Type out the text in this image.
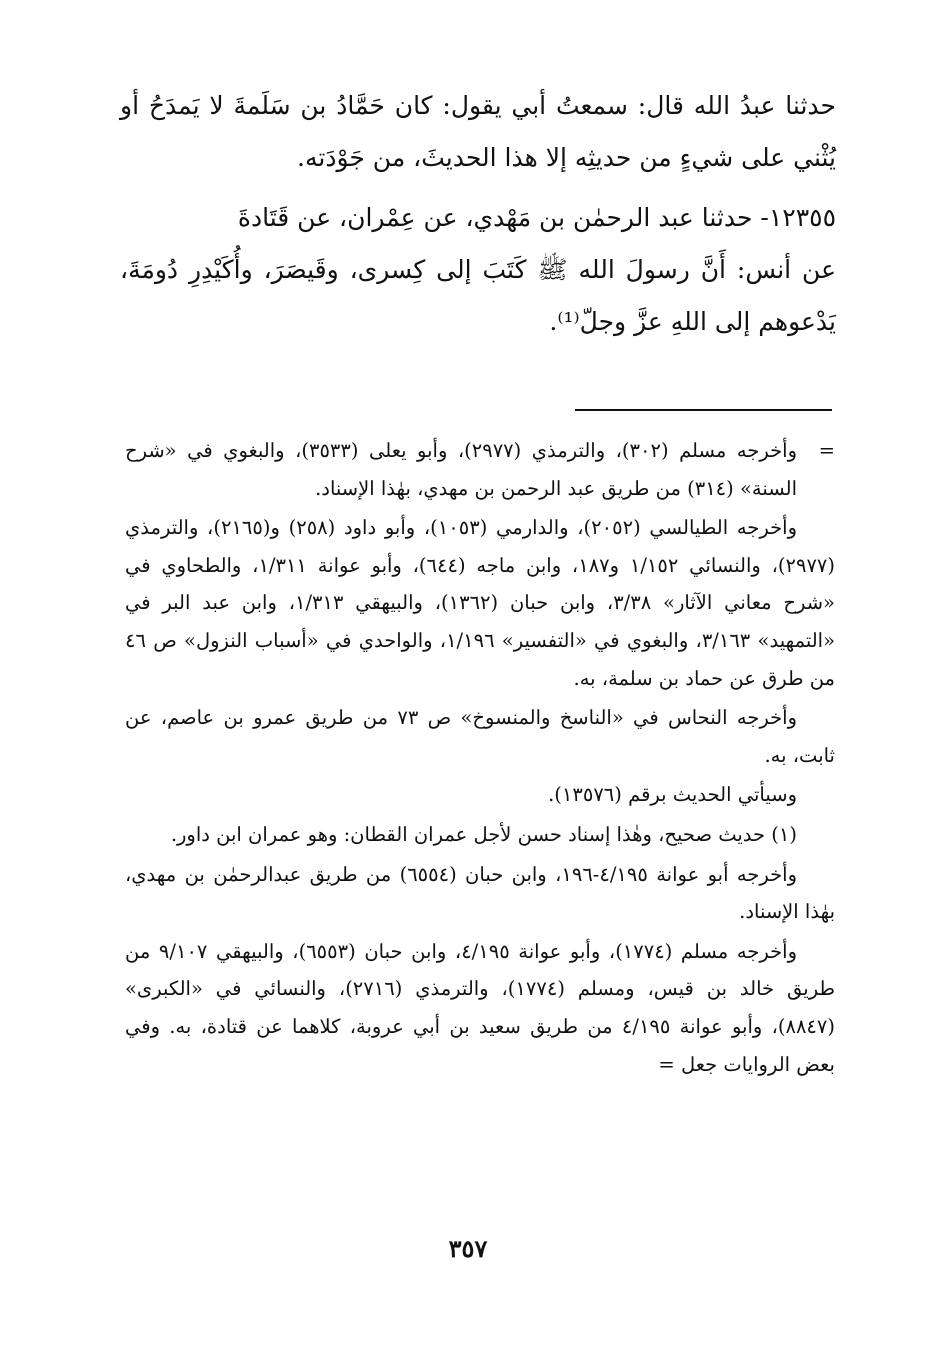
حدثنا عبدُ الله قال: سمعتُ أبي يقول: كان حَمَّادُ بن سَلَمةَ لا يَمدَحُ أو يُثْني على شيءٍ من حديثِه إلا هذا الحديثَ، من جَوْدَته.

١٢٣٥٥- حدثنا عبد الرحمٰن بن مَهْدي، عن عِمْران، عن قَتَادةَ

عن أنس: أَنَّ رسولَ الله ﷺ كَتَبَ إلى كِسرى، وقَيصَرَ، وأُكَيْدِرِ دُومَةَ، يَدْعوهم إلى اللهِ عزَّ وجلّ⁽¹⁾.

=
وأخرجه مسلم (٣٠٢)، والترمذي (٢٩٧٧)، وأبو يعلى (٣٥٣٣)، والبغوي في «شرح السنة» (٣١٤) من طريق عبد الرحمن بن مهدي، بهٰذا الإسناد.

وأخرجه الطيالسي (٢٠٥٢)، والدارمي (١٠٥٣)، وأبو داود (٢٥٨) و(٢١٦٥)، والترمذي (٢٩٧٧)، والنسائي ١/١٥٢ و١٨٧، وابن ماجه (٦٤٤)، وأبو عوانة ١/٣١١، والطحاوي في «شرح معاني الآثار» ٣/٣٨، وابن حبان (١٣٦٢)، والبيهقي ١/٣١٣، وابن عبد البر في «التمهيد» ٣/١٦٣، والبغوي في «التفسير» ١/١٩٦، والواحدي في «أسباب النزول» ص ٤٦ من طرق عن حماد بن سلمة، به.

وأخرجه النحاس في «الناسخ والمنسوخ» ص ٧٣ من طريق عمرو بن عاصم، عن ثابت، به.

وسيأتي الحديث برقم (١٣٥٧٦).

(١) حديث صحيح، وهٰذا إسناد حسن لأجل عمران القطان: وهو عمران ابن داور.

وأخرجه أبو عوانة ٤/١٩٥-١٩٦، وابن حبان (٦٥٥٤) من طريق عبدالرحمٰن بن مهدي، بهٰذا الإسناد.

وأخرجه مسلم (١٧٧٤)، وأبو عوانة ٤/١٩٥، وابن حبان (٦٥٥٣)، والبيهقي ٩/١٠٧ من طريق خالد بن قيس، ومسلم (١٧٧٤)، والترمذي (٢٧١٦)، والنسائي في «الكبرى» (٨٨٤٧)، وأبو عوانة ٤/١٩٥ من طريق سعيد بن أبي عروبة، كلاهما عن قتادة، به. وفي بعض الروايات جعل =

٣٥٧
